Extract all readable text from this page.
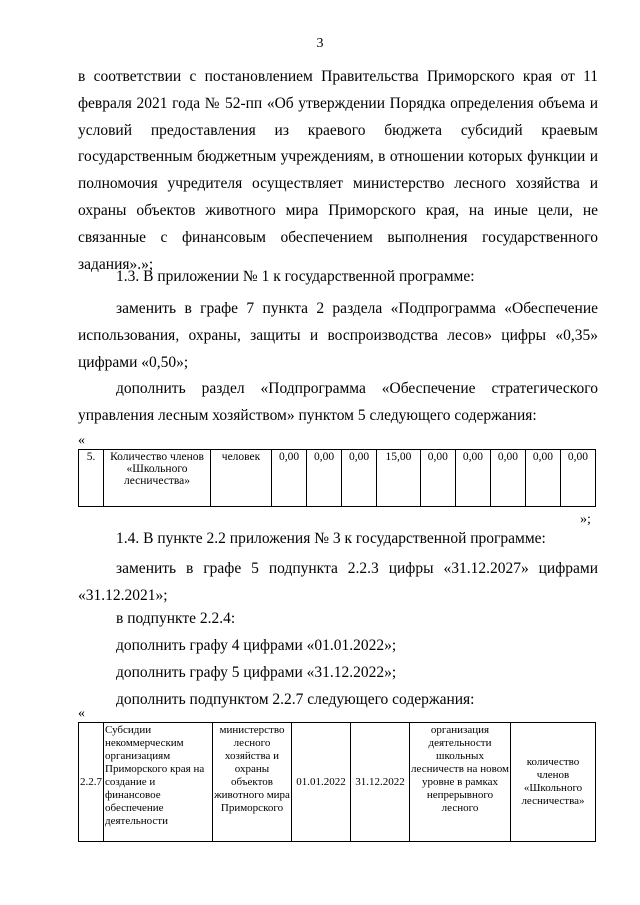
3
в соответствии с постановлением Правительства Приморского края от 11 февраля 2021 года № 52-пп «Об утверждении Порядка определения объема и условий предоставления из краевого бюджета субсидий краевым государственным бюджетным учреждениям, в отношении которых функции и полномочия учредителя осуществляет министерство лесного хозяйства и охраны объектов животного мира Приморского края, на иные цели, не связанные с финансовым обеспечением выполнения государственного задания».»;
1.3. В приложении № 1 к государственной программе:
заменить в графе 7 пункта 2 раздела «Подпрограмма «Обеспечение использования, охраны, защиты и воспроизводства лесов» цифры «0,35» цифрами «0,50»;
дополнить раздел «Подпрограмма «Обеспечение стратегического управления лесным хозяйством» пунктом 5 следующего содержания:
«
5.	Количество членов «Школьного лесничества»	человек	0,00	0,00	0,00	15,00	0,00	0,00	0,00	0,00	0,00
»;
1.4. В пункте 2.2 приложения № 3 к государственной программе:
заменить в графе 5 подпункта 2.2.3 цифры «31.12.2027» цифрами «31.12.2021»;
в подпункте 2.2.4:
дополнить графу 4 цифрами «01.01.2022»;
дополнить графу 5 цифрами «31.12.2022»;
дополнить подпунктом 2.2.7 следующего содержания:
«
2.2.7	Субсидии некоммерческим организациям Приморского края на создание и финансовое обеспечение деятельности	министерство лесного хозяйства и охраны объектов животного мира Приморского	01.01.2022	31.12.2022	организация деятельности школьных лесничеств на новом уровне в рамках непрерывного лесного	количество членов «Школьного лесничества»
